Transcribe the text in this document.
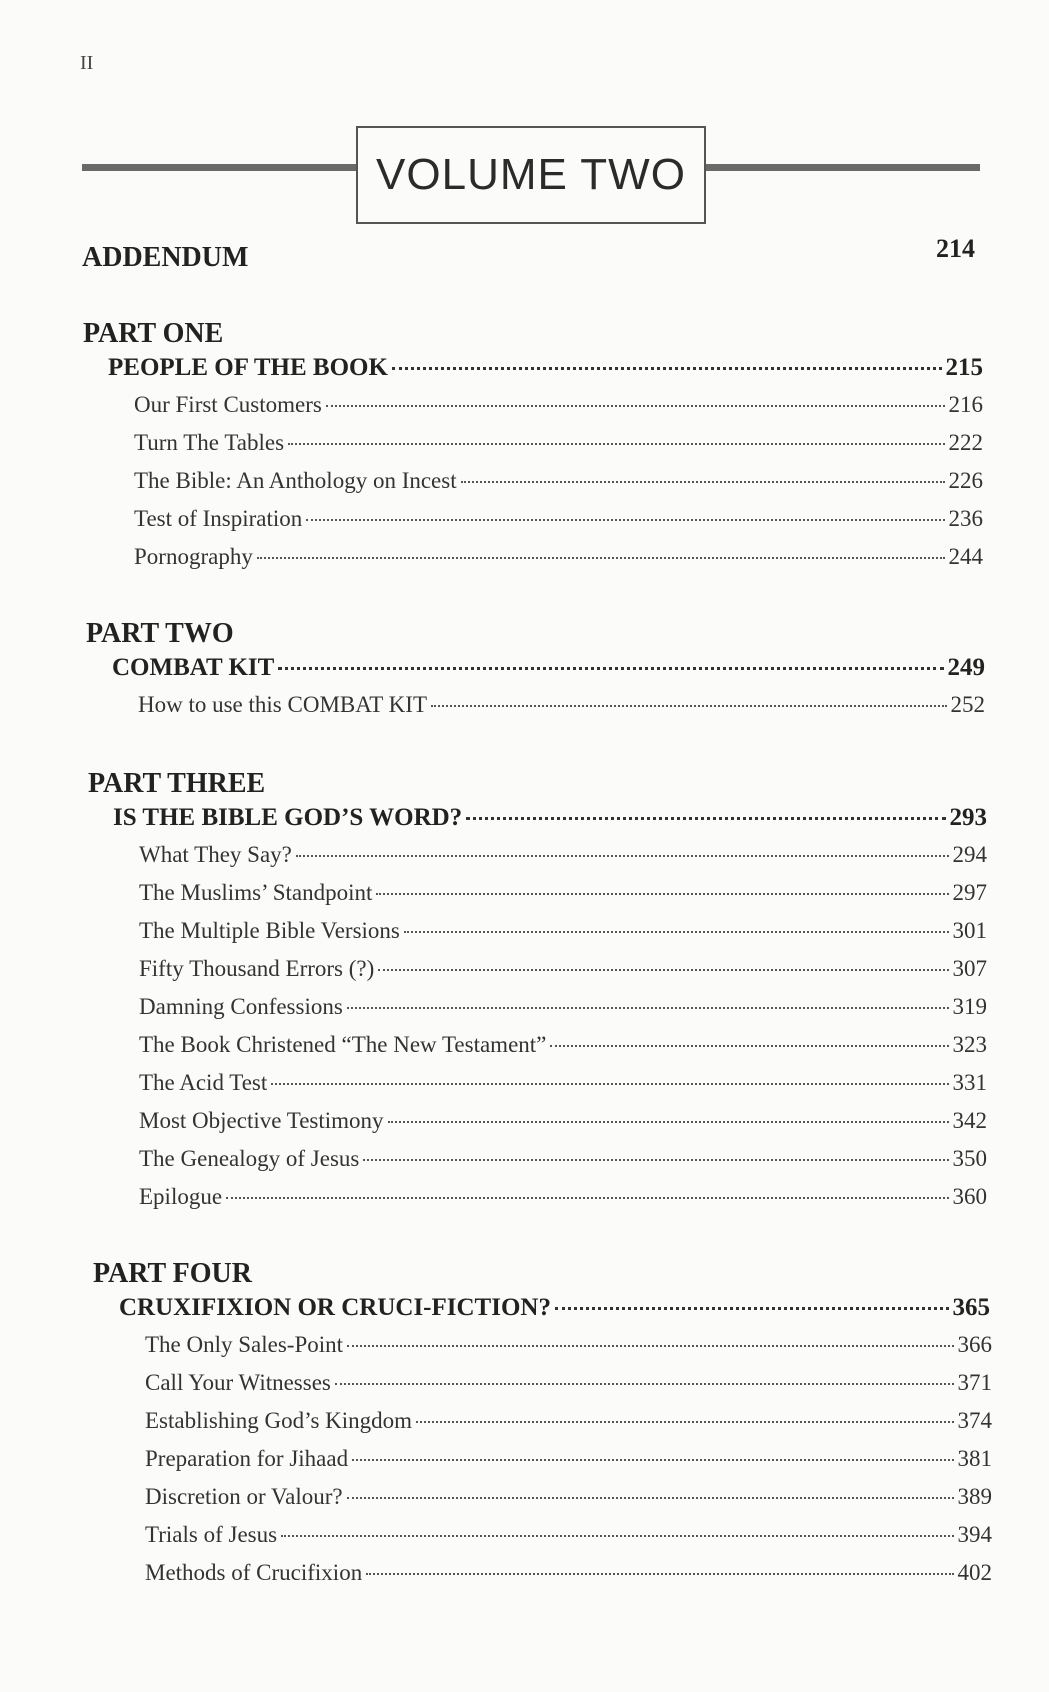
II
VOLUME TWO
ADDENDUM	214
PART ONE
PEOPLE OF THE BOOK	215
Our First Customers	216
Turn The Tables	222
The Bible: An Anthology on Incest	226
Test of Inspiration	236
Pornography	244
PART TWO
COMBAT KIT	249
How to use this COMBAT KIT	252
PART THREE
IS THE BIBLE GOD’S WORD?	293
What They Say?	294
The Muslims’ Standpoint	297
The Multiple Bible Versions	301
Fifty Thousand Errors (?)	307
Damning Confessions	319
The Book Christened “The New Testament”	323
The Acid Test	331
Most Objective Testimony	342
The Genealogy of Jesus	350
Epilogue	360
PART FOUR
CRUXIFIXION OR CRUCI-FICTION?	365
The Only Sales-Point	366
Call Your Witnesses	371
Establishing God’s Kingdom	374
Preparation for Jihaad	381
Discretion or Valour?	389
Trials of Jesus	394
Methods of Crucifixion	402
